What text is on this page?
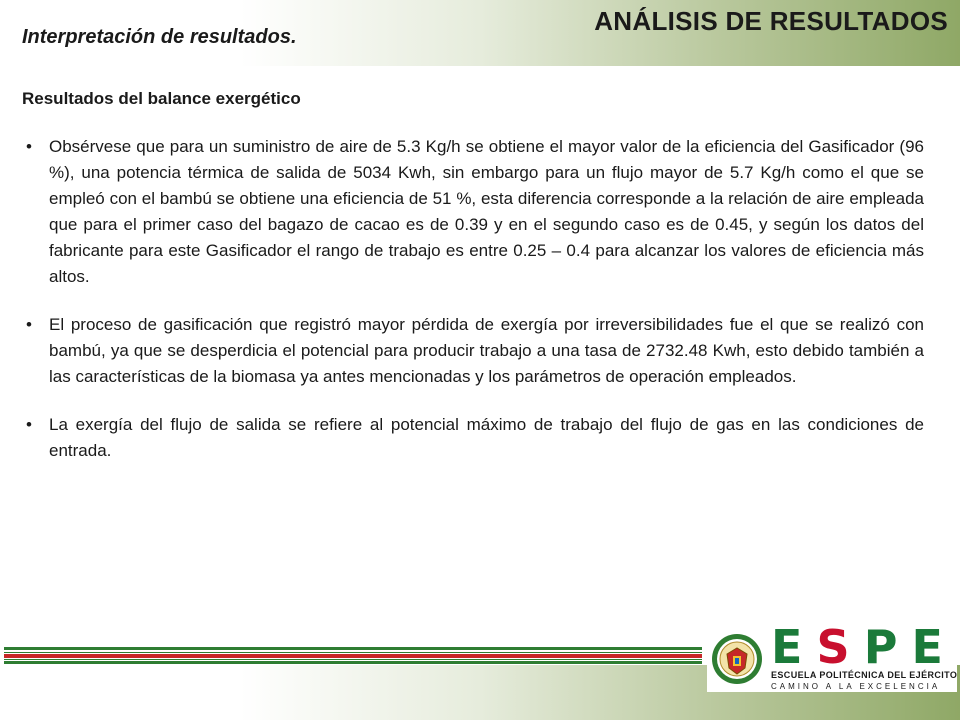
Interpretación de resultados.
ANÁLISIS DE RESULTADOS
Resultados del balance exergético
• Obsérvese que para un suministro de aire de 5.3 Kg/h se obtiene el mayor valor de la eficiencia del Gasificador (96 %), una potencia térmica de salida de 5034 Kwh, sin embargo para un flujo mayor de 5.7 Kg/h como el que se empleó con el bambú se obtiene una eficiencia de 51 %, esta diferencia corresponde a la relación de aire empleada que para el primer caso del bagazo de cacao es de 0.39 y en el segundo caso es de 0.45, y según los datos del fabricante para este Gasificador el rango de trabajo es entre 0.25 – 0.4 para alcanzar los valores de eficiencia más altos.
• El proceso de gasificación que registró mayor pérdida de exergía por irreversibilidades fue el que se realizó con bambú, ya que se desperdicia el potencial para producir trabajo a una tasa de 2732.48 Kwh, esto debido también a las características de la biomasa ya antes mencionadas y los parámetros de operación empleados.
• La exergía del flujo de salida se refiere al potencial máximo de trabajo del flujo de gas en las condiciones de entrada.
E S P E
ESCUELA POLITÉCNICA DEL EJÉRCITO
CAMINO A LA EXCELENCIA
